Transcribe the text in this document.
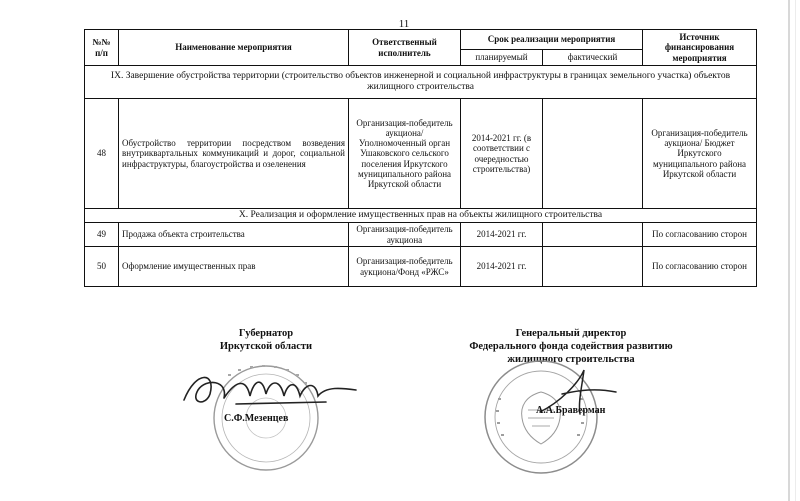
11
№№ п/п	Наименование мероприятия	Ответственный исполнитель	Срок реализации мероприятия		Источник финансирования мероприятия
			планируемый	фактический	
IX. Завершение обустройства территории (строительство объектов инженерной и социальной инфраструктуры в границах земельного участка) объектов жилищного строительства					
48	Обустройство территории посредством возведения внутриквартальных коммуникаций и дорог, социальной инфраструктуры, благоустройства и озеленения	Организация-победитель аукциона/ Уполномоченный орган Ушаковского сельского поселения Иркутского муниципального района Иркутской области	2014-2021 гг. (в соответствии с очередностью строительства)		Организация-победитель аукциона/ Бюджет Иркутского муниципального района Иркутской области
X. Реализация и оформление имущественных прав на объекты жилищного строительства					
49	Продажа объекта строительства	Организация-победитель аукциона	2014-2021 гг.		По согласованию сторон
50	Оформление имущественных прав	Организация-победитель аукциона/Фонд «РЖС»	2014-2021 гг.		По согласованию сторон
Губернатор
Иркутской области
С.Ф.Мезенцев
Генеральный директор
Федерального фонда содействия развитию
жилищного строительства
А.А.Браверман
